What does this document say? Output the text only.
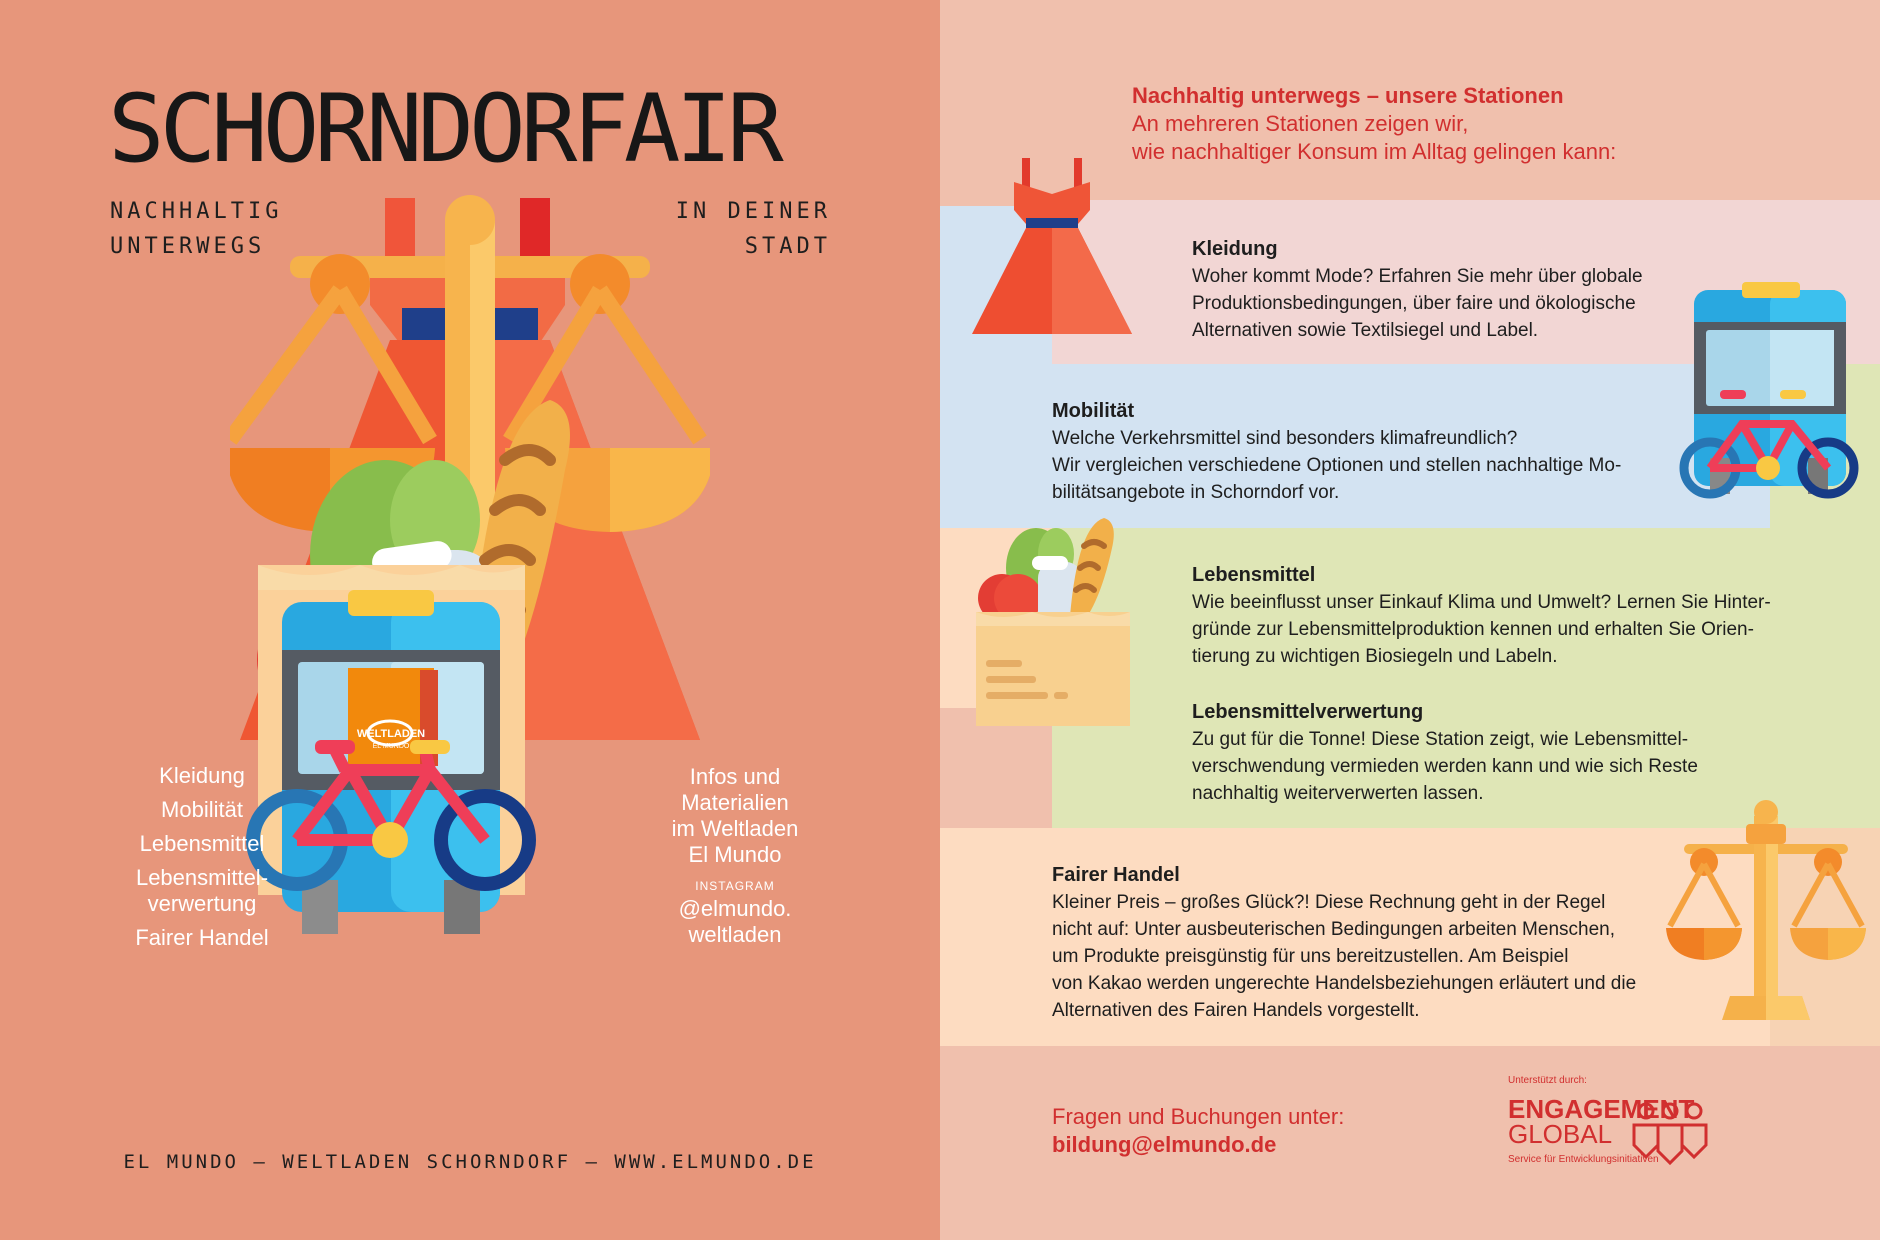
SCHORNDORFAIR
NACHHALTIG
UNTERWEGS
IN DEINER
STADT
WELTLADEN
EL MUNDO
Kleidung
Mobilität
Lebensmittel
Lebensmittel-
verwertung
Fairer Handel
Infos und
Materialien
im Weltladen
El Mundo
INSTAGRAM
@elmundo.
weltladen
EL MUNDO – WELTLADEN SCHORNDORF – WWW.ELMUNDO.DE
Nachhaltig unterwegs – unsere Stationen
An mehreren Stationen zeigen wir,
wie nachhaltiger Konsum im Alltag gelingen kann:
Kleidung
Woher kommt Mode? Erfahren Sie mehr über globale
Produktionsbedingungen, über faire und ökologische
Alternativen sowie Textilsiegel und Label.
Mobilität
Welche Verkehrsmittel sind besonders klimafreundlich?
Wir vergleichen verschiedene Optionen und stellen nachhaltige Mo-
bilitätsangebote in Schorndorf vor.
Lebensmittel
Wie beeinflusst unser Einkauf Klima und Umwelt? Lernen Sie Hinter-
gründe zur Lebensmittelproduktion kennen und erhalten Sie Orien-
tierung zu wichtigen Biosiegeln und Labeln.
Lebensmittelverwertung
Zu gut für die Tonne! Diese Station zeigt, wie Lebensmittel-
verschwendung vermieden werden kann und wie sich Reste
nachhaltig weiterverwerten lassen.
Fairer Handel
Kleiner Preis – großes Glück?! Diese Rechnung geht in der Regel
nicht auf: Unter ausbeuterischen Bedingungen arbeiten Menschen,
um Produkte preisgünstig für uns bereitzustellen. Am Beispiel
von Kakao werden ungerechte Handelsbeziehungen erläutert und die
Alternativen des Fairen Handels vorgestellt.
Fragen und Buchungen unter:
bildung@elmundo.de
Unterstützt durch:
ENGAGEMENT
GLOBAL
Service für Entwicklungsinitiativen
